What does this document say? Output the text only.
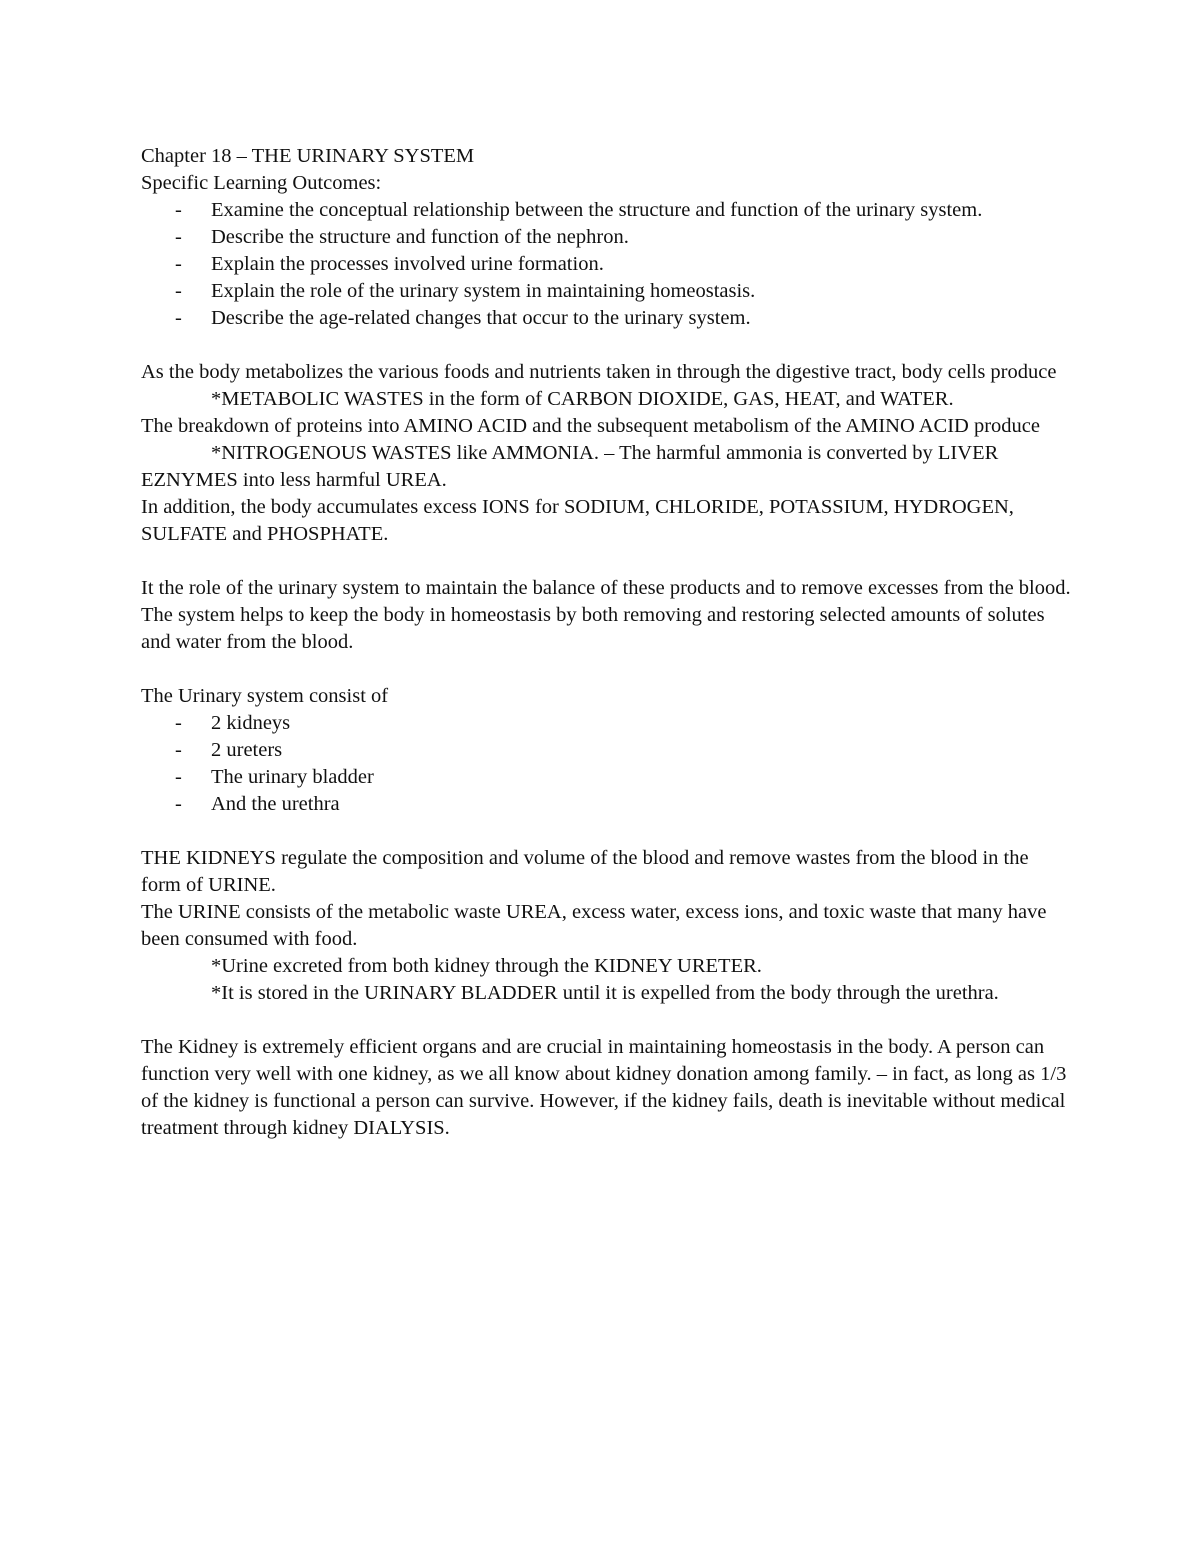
Chapter 18 – THE URINARY SYSTEM

Specific Learning Outcomes:

- Examine the conceptual relationship between the structure and function of the urinary system.
- Describe the structure and function of the nephron.
- Explain the processes involved urine formation.
- Explain the role of the urinary system in maintaining homeostasis.
- Describe the age-related changes that occur to the urinary system.

As the body metabolizes the various foods and nutrients taken in through the digestive tract, body cells produce

*METABOLIC WASTES in the form of CARBON DIOXIDE, GAS, HEAT, and WATER.

The breakdown of proteins into AMINO ACID and the subsequent metabolism of the AMINO ACID produce

*NITROGENOUS WASTES like AMMONIA. – The harmful ammonia is converted by LIVER EZNYMES into less harmful UREA.

In addition, the body accumulates excess IONS for SODIUM, CHLORIDE, POTASSIUM, HYDROGEN, SULFATE and PHOSPHATE.

It the role of the urinary system to maintain the balance of these products and to remove excesses from the blood.

The system helps to keep the body in homeostasis by both removing and restoring selected amounts of solutes and water from the blood.

The Urinary system consist of

- 2 kidneys
- 2 ureters
- The urinary bladder
- And the urethra

THE KIDNEYS regulate the composition and volume of the blood and remove wastes from the blood in the form of URINE.

The URINE consists of the metabolic waste UREA, excess water, excess ions, and toxic waste that many have been consumed with food.

*Urine excreted from both kidney through the KIDNEY URETER.

*It is stored in the URINARY BLADDER until it is expelled from the body through the urethra.

The Kidney is extremely efficient organs and are crucial in maintaining homeostasis in the body. A person can function very well with one kidney, as we all know about kidney donation among family. – in fact, as long as 1/3 of the kidney is functional a person can survive. However, if the kidney fails, death is inevitable without medical treatment through kidney DIALYSIS.
